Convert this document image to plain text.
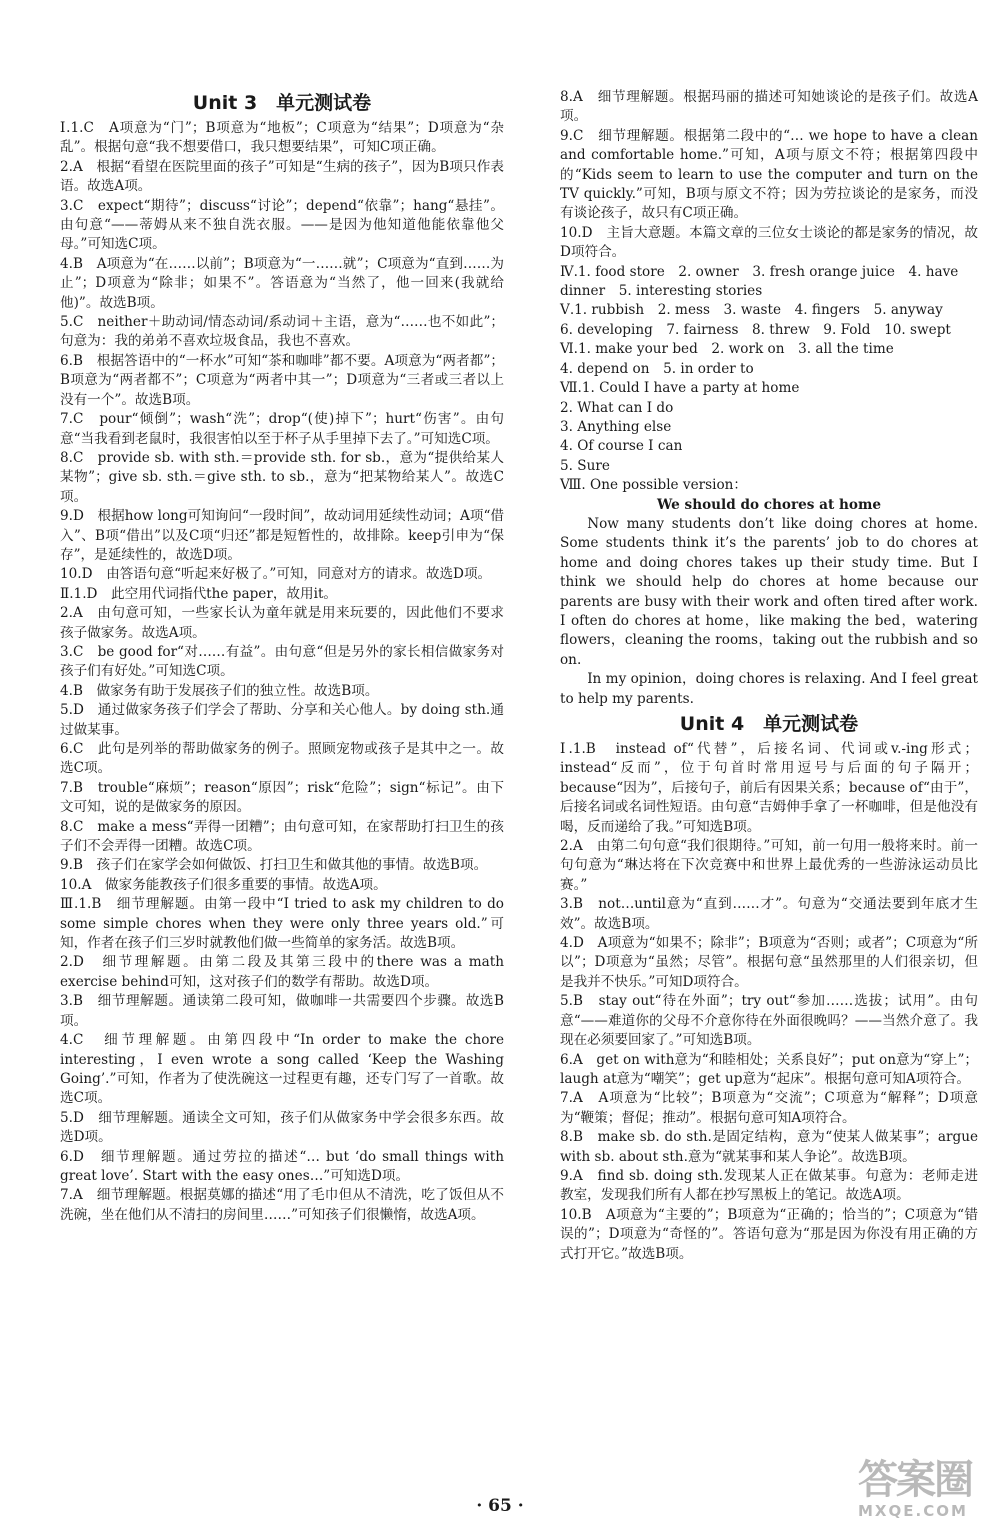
Unit 3　单元测试卷

Ⅰ.1.C　A项意为“门”；B项意为“地板”；C项意为“结果”；D项意为“杂乱”。根据句意“我不想要借口，我只想要结果”，可知C项正确。

2.A　根据“看望在医院里面的孩子”可知是“生病的孩子”，因为B项只作表语。故选A项。

3.C　expect“期待”；discuss“讨论”；depend“依靠”；hang“悬挂”。由句意“——蒂姆从来不独自洗衣服。——是因为他知道他能依靠他父母。”可知选C项。

4.B　A项意为“在……以前”；B项意为“一……就”；C项意为“直到……为止”；D项意为“除非；如果不”。答语意为“当然了，他一回来(我就给他)”。故选B项。

5.C　neither＋助动词/情态动词/系动词＋主语，意为“……也不如此”；句意为：我的弟弟不喜欢垃圾食品，我也不喜欢。

6.B　根据答语中的“一杯水”可知“茶和咖啡”都不要。A项意为“两者都”；B项意为“两者都不”；C项意为“两者中其一”；D项意为“三者或三者以上没有一个”。故选B项。

7.C　pour“倾倒”；wash“洗”；drop“(使)掉下”；hurt“伤害”。由句意“当我看到老鼠时，我很害怕以至于杯子从手里掉下去了。”可知选C项。

8.C　provide sb. with sth.＝provide sth. for sb.，意为“提供给某人某物”；give sb. sth.＝give sth. to sb.，意为“把某物给某人”。故选C项。

9.D　根据how long可知询问“一段时间”，故动词用延续性动词；A项“借入”、B项“借出”以及C项“归还”都是短暂性的，故排除。keep引申为“保存”，是延续性的，故选D项。

10.D　由答语句意“听起来好极了。”可知，同意对方的请求。故选D项。

Ⅱ.1.D　此空用代词指代the paper，故用it。

2.A　由句意可知，一些家长认为童年就是用来玩要的，因此他们不要求孩子做家务。故选A项。

3.C　be good for“对……有益”。由句意“但是另外的家长相信做家务对孩子们有好处。”可知选C项。

4.B　做家务有助于发展孩子们的独立性。故选B项。

5.D　通过做家务孩子们学会了帮助、分享和关心他人。by doing sth.通过做某事。

6.C　此句是列举的帮助做家务的例子。照顾宠物或孩子是其中之一。故选C项。

7.B　trouble“麻烦”；reason“原因”；risk“危险”；sign“标记”。由下文可知，说的是做家务的原因。

8.C　make a mess“弄得一团糟”；由句意可知，在家帮助打扫卫生的孩子们不会弄得一团糟。故选C项。

9.B　孩子们在家学会如何做饭、打扫卫生和做其他的事情。故选B项。

10.A　做家务能教孩子们很多重要的事情。故选A项。

Ⅲ.1.B　细节理解题。由第一段中“I tried to ask my children to do some simple chores when they were only three years old.”可知，作者在孩子们三岁时就教他们做一些简单的家务活。故选B项。

2.D　细节理解题。由第二段及其第三段中的there was a math exercise behind可知，这对孩子们的数学有帮助。故选D项。

3.B　细节理解题。通读第二段可知，做咖啡一共需要四个步骤。故选B项。

4.C　细节理解题。由第四段中“In order to make the chore interesting，I even wrote a song called ‘Keep the Washing Going’.”可知，作者为了使洗碗这一过程更有趣，还专门写了一首歌。故选C项。

5.D　细节理解题。通读全文可知，孩子们从做家务中学会很多东西。故选D项。

6.D　细节理解题。通过劳拉的描述“… but ‘do small things with great love’. Start with the easy ones…”可知选D项。

7.A　细节理解题。根据莫娜的描述“用了毛巾但从不清洗，吃了饭但从不洗碗，坐在他们从不清扫的房间里……”可知孩子们很懒惰，故选A项。

8.A　细节理解题。根据玛丽的描述可知她谈论的是孩子们。故选A项。

9.C　细节理解题。根据第二段中的“… we hope to have a clean and comfortable home.”可知，A项与原文不符；根据第四段中的“Kids seem to learn to use the computer and turn on the TV quickly.”可知，B项与原文不符；因为劳拉谈论的是家务，而没有谈论孩子，故只有C项正确。

10.D　主旨大意题。本篇文章的三位女士谈论的都是家务的情况，故D项符合。

Ⅳ.1. food store　2. owner　3. fresh orange juice　4. have dinner　5. interesting stories

Ⅴ.1. rubbish　2. mess　3. waste　4. fingers　5. anyway

6. developing　7. fairness　8. threw　9. Fold　10. swept

Ⅵ.1. make your bed　2. work on　3. all the time

4. depend on　5. in order to

Ⅶ.1. Could I have a party at home

2. What can I do

3. Anything else

4. Of course I can

5. Sure

Ⅷ. One possible version：

We should do chores at home

Now many students don’t like doing chores at home. Some students think it’s the parents’ job to do chores at home and doing chores takes up their study time. But I think we should help do chores at home because our parents are busy with their work and often tired after work. I often do chores at home，like making the bed，watering flowers，cleaning the rooms，taking out the rubbish and so on.

In my opinion，doing chores is relaxing. And I feel great to help my parents.

Unit 4　单元测试卷

Ⅰ.1.B　instead of“代替”，后接名词、代词或v.-ing形式；instead“反而”，位于句首时常用逗号与后面的句子隔开；because“因为”，后接句子，前后有因果关系；because of“由于”，后接名词或名词性短语。由句意“吉姆伸手拿了一杯咖啡，但是他没有喝，反而递给了我。”可知选B项。

2.A　由第二句句意“我们很期待。”可知，前一句用一般将来时。前一句句意为“琳达将在下次竞赛中和世界上最优秀的一些游泳运动员比赛。”

3.B　not…until意为“直到……才”。句意为“交通法要到年底才生效”。故选B项。

4.D　A项意为“如果不；除非”；B项意为“否则；或者”；C项意为“所以”；D项意为“虽然；尽管”。根据句意“虽然那里的人们很亲切，但是我并不快乐。”可知D项符合。

5.B　stay out“待在外面”；try out“参加……选拔；试用”。由句意“——难道你的父母不介意你待在外面很晚吗？——当然介意了。我现在必须要回家了。”可知选B项。

6.A　get on with意为“和睦相处；关系良好”；put on意为“穿上”；laugh at意为“嘲笑”；get up意为“起床”。根据句意可知A项符合。

7.A　A项意为“比较”；B项意为“交流”；C项意为“解释”；D项意为“鞭策；督促；推动”。根据句意可知A项符合。

8.B　make sb. do sth.是固定结构，意为“使某人做某事”；argue with sb. about sth.意为“就某事和某人争论”。故选B项。

9.A　find sb. doing sth.发现某人正在做某事。句意为：老师走进教室，发现我们所有人都在抄写黑板上的笔记。故选A项。

10.B　A项意为“主要的”；B项意为“正确的；恰当的”；C项意为“错误的”；D项意为“奇怪的”。答语句意为“那是因为你没有用正确的方式打开它。”故选B项。

· 65 ·
答案圈
MXQE.COM
